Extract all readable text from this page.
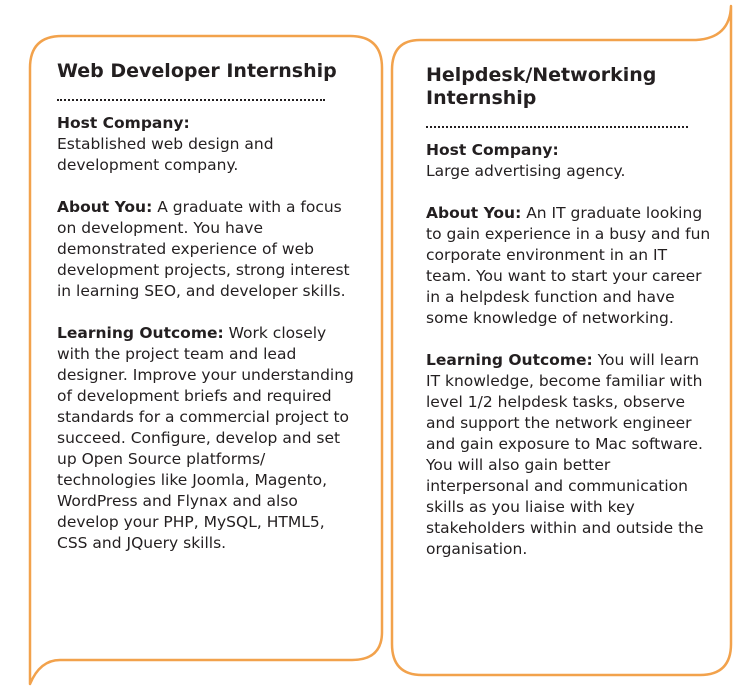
Web Developer Internship

Host Company:
Established web design and development company.

About You: A graduate with a focus on development. You have demonstrated experience of web development projects, strong interest in learning SEO, and developer skills.

Learning Outcome: Work closely with the project team and lead designer. Improve your understanding of development briefs and required standards for a commercial project to succeed. Configure, develop and set up Open Source platforms/ technologies like Joomla, Magento, WordPress and Flynax and also develop your PHP, MySQL, HTML5, CSS and JQuery skills.

Helpdesk/Networking Internship

Host Company:
Large advertising agency.

About You: An IT graduate looking to gain experience in a busy and fun corporate environment in an IT team. You want to start your career in a helpdesk function and have some knowledge of networking.

Learning Outcome: You will learn IT knowledge, become familiar with level 1/2 helpdesk tasks, observe and support the network engineer and gain exposure to Mac software. You will also gain better interpersonal and communication skills as you liaise with key stakeholders within and outside the organisation.
